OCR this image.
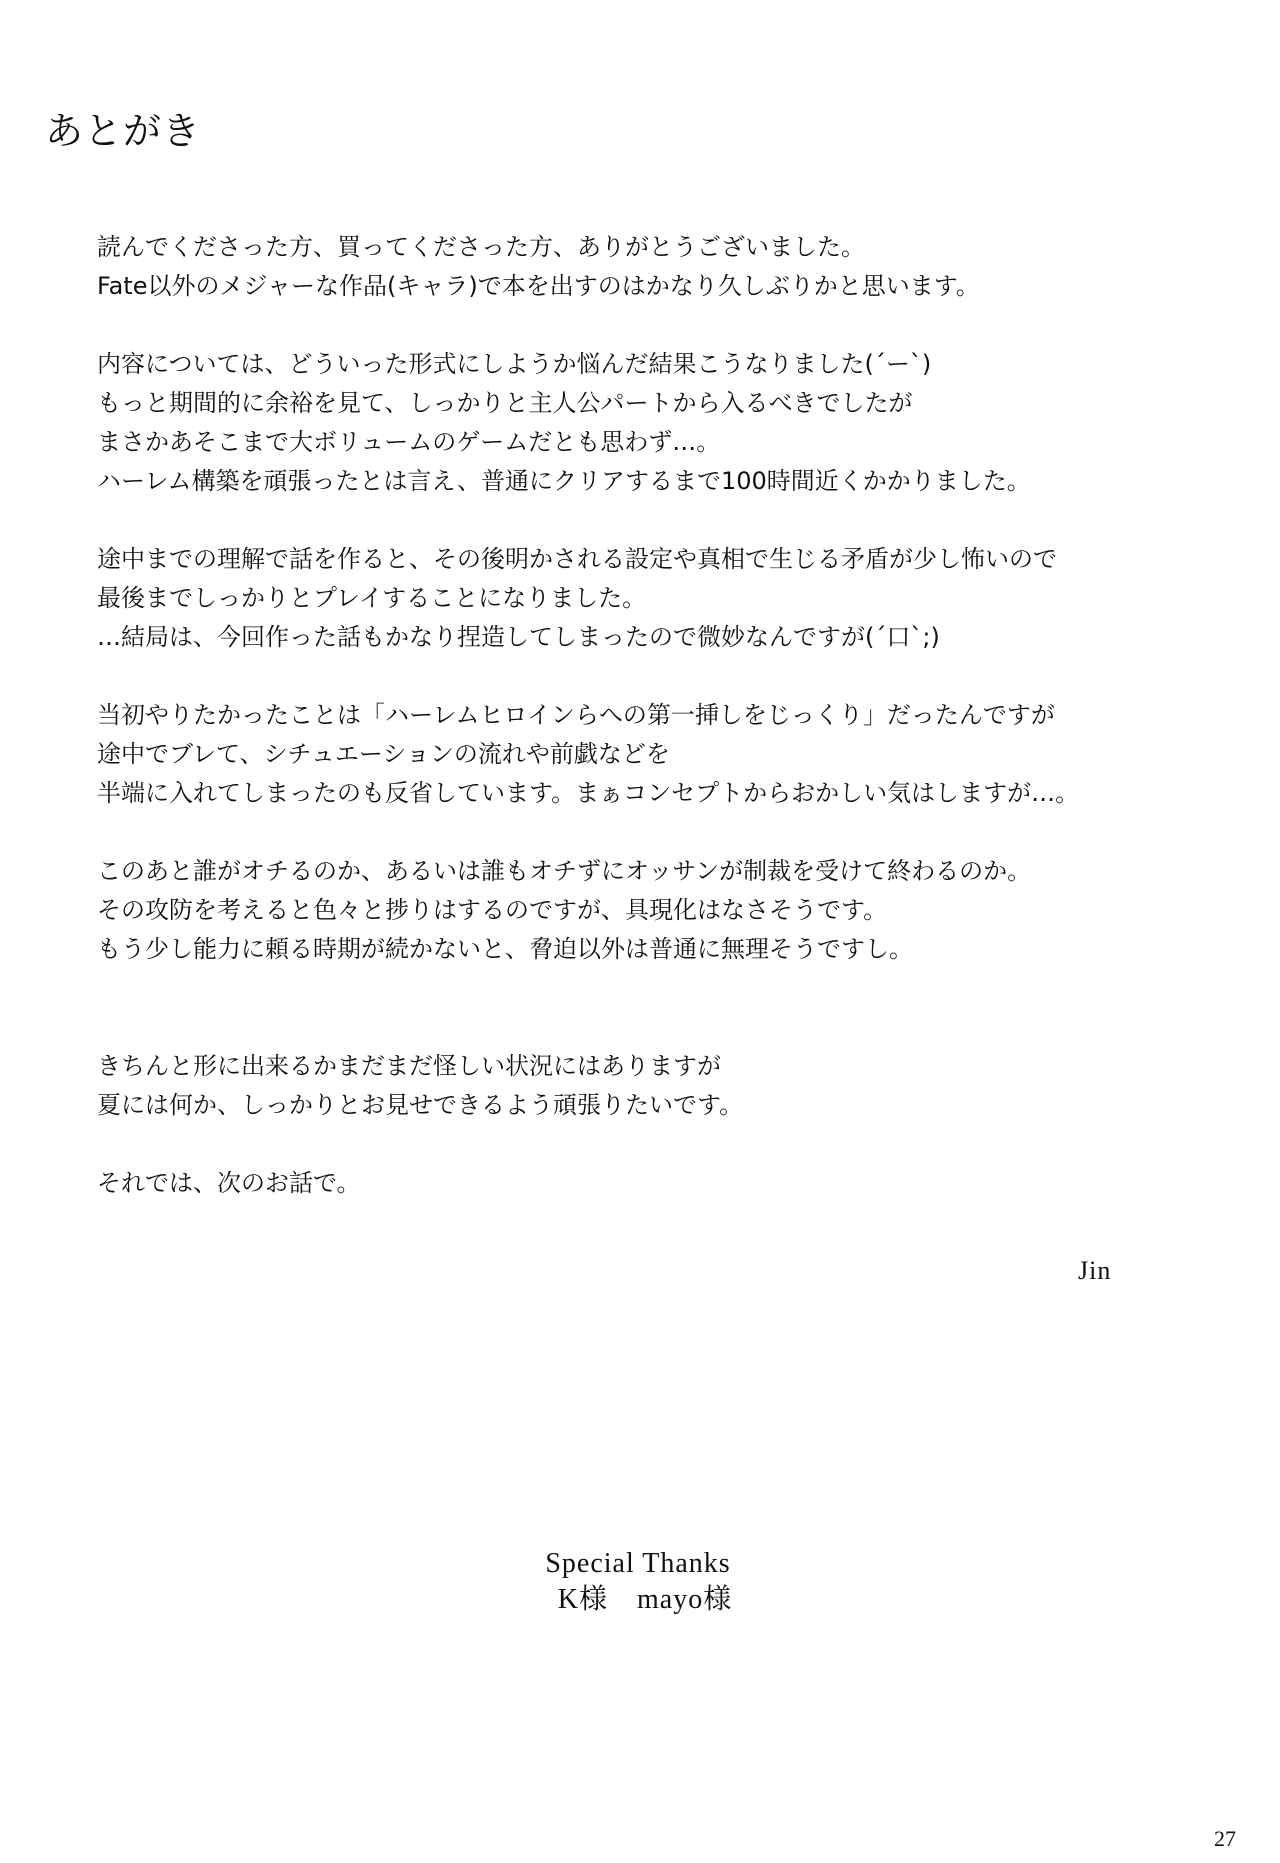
あとがき
読んでくださった方、買ってくださった方、ありがとうございました。
Fate以外のメジャーな作品(キャラ)で本を出すのはかなり久しぶりかと思います。
内容については、どういった形式にしようか悩んだ結果こうなりました(´ー`)
もっと期間的に余裕を見て、しっかりと主人公パートから入るべきでしたが
まさかあそこまで大ボリュームのゲームだとも思わず…。
ハーレム構築を頑張ったとは言え、普通にクリアするまで100時間近くかかりました。
途中までの理解で話を作ると、その後明かされる設定や真相で生じる矛盾が少し怖いので
最後までしっかりとプレイすることになりました。
…結局は、今回作った話もかなり捏造してしまったので微妙なんですが(´口`;)
当初やりたかったことは「ハーレムヒロインらへの第一挿しをじっくり」だったんですが
途中でブレて、シチュエーションの流れや前戯などを
半端に入れてしまったのも反省しています。まぁコンセプトからおかしい気はしますが…。
このあと誰がオチるのか、あるいは誰もオチずにオッサンが制裁を受けて終わるのか。
その攻防を考えると色々と捗りはするのですが、具現化はなさそうです。
もう少し能力に頼る時期が続かないと、脅迫以外は普通に無理そうですし。
きちんと形に出来るかまだまだ怪しい状況にはありますが
夏には何か、しっかりとお見せできるよう頑張りたいです。
それでは、次のお話で。
Jin
Special Thanks
K様　mayo様
27
